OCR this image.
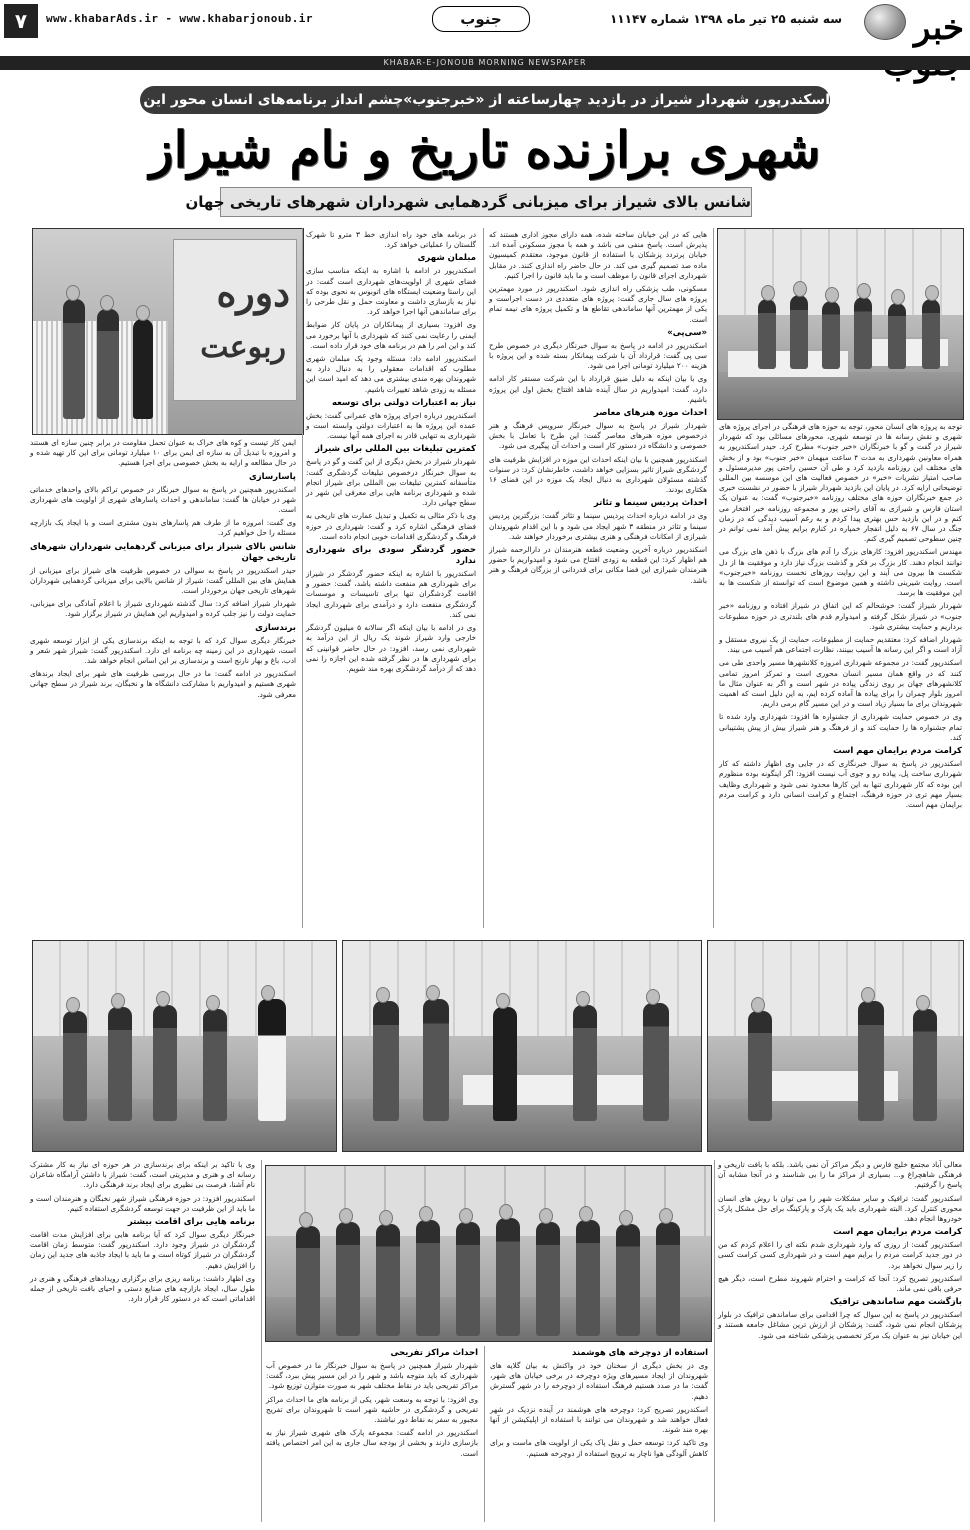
خبر
سه شنبه ۲۵ تیر ماه ۱۳۹۸ شماره ۱۱۱۴۷
جنوب
www.khabarAds.ir - www.khabarjonoub.ir
۷
KHABAR-E-JONOUB MORNING NEWSPAPER
اسکندرپور، شهردار شیراز در بازدید چهارساعته از «خبرجنوب»چشم انداز برنامه‌های انسان محور این شهر را تشریح کرد:
شهری برازنده تاریخ و نام شیراز
شانس بالای شیراز برای میزبانی گردهمایی شهرداران شهرهای تاریخی جهان
دوره
ربوعت

توجه به پروژه های انسان محور، توجه به حوزه های فرهنگی در اجرای پروژه های شهری و نقش رسانه ها در توسعه شهری، محورهای مسائلی بود که شهردار شیراز در گفت و گو با خبرنگاران «خبر جنوب» مطرح کرد. حیدر اسکندرپور به همراه معاونین شهرداری به مدت ۴ ساعت میهمان «خبر جنوب» بود و از بخش های مختلف این روزنامه بازدید کرد و طی آن حسین راحتی پور مدیرمسئول و صاحب امتیاز نشریات «خبر» در خصوص فعالیت های این موسسه بین المللی توضیحاتی ارایه کرد. در پایان این بازدید شهردار شیراز با حضور در نشست خبری در جمع خبرنگاران حوزه های مختلف روزنامه «خبرجنوب» گفت: به عنوان یک استان فارس و شیرازی به آقای راحتی پور و مجموعه روزنامه خبر افتخار می کنم و در این بازدید حس بهتری پیدا کردم و به رغم آسیب دیدگی که در زمان جنگ در سال ۶۷ به دلیل انفجار خمپاره در کنارم برایم پیش آمد نمی توانم در چنین سطوحی تصمیم گیری کنم.

مهندس اسکندرپور افزود: کارهای بزرگ را آدم های بزرگ با ذهن های بزرگ می توانند انجام دهند. کار بزرگ بر فکر و گذشت بزرگ نیاز دارد و موفقیت ها از دل شکست ها بیرون می آیند و این روایت روزهای نخست روزنامه «خبرجنوب» است. روایت شیرینی داشته و همین موضوع است که توانسته از شکست ها به این موفقیت ها برسد.

شهردار شیراز گفت: خوشحالم که این اتفاق در شیراز افتاده و روزنامه «خبر جنوب» در شیراز شکل گرفته و امیدوارم قدم های بلندتری در حوزه مطبوعات برداریم و حمایت بیشتری شود.

شهردار اضافه کرد: معتقدیم حمایت از مطبوعات، حمایت از یک نیروی مستقل و آزاد است و اگر این رسانه ها آسیب ببینند، نظارت اجتماعی هم آسیب می بیند.

اسکندرپور گفت: در مجموعه شهرداری امروزه کلانشهرها مسیر واحدی طی می کنند که در واقع همان مسیر انسان محوری است و تمرکز امروز تمامی کلانشهرهای جهان بر روی زندگی پیاده در شهر است و اگر به عنوان مثال ما امروز بلوار چمران را برای پیاده ها آماده کرده ایم، به این دلیل است که اهمیت شهروندان برای ما بسیار زیاد است و در این مسیر گام برمی داریم.

وی در خصوص حمایت شهرداری از جشنواره ها افزود: شهرداری وارد شده تا تمام جشنواره ها را حمایت کند و از فرهنگ و هنر شیراز بیش از پیش پشتیبانی کند.

کرامت مردم برایمان مهم است

اسکندرپور در پاسخ به سوال خبرنگاری که در جایی وی اظهار داشته که کار شهرداری ساخت پل، پیاده رو و جوی آب نیست افزود: اگر اینگونه بوده منظورم این بوده که کار شهرداری تنها به این کارها محدود نمی شود و شهرداری وظایف بسیار مهم تری در حوزه فرهنگ، اجتماع و کرامت انسانی دارد و کرامت مردم برایمان مهم است.

هایی که در این خیابان ساخته شده، همه دارای مجوز اداری هستند که پذیرش است. پاسخ منفی می باشد و همه با مجوز مسکونی آمده اند. خیابان پرتردد پزشکان با استفاده از قانون موجود، معتقدم کمیسیون ماده صد تصمیم گیری می کند. در حال حاضر راه اندازی کنند. در مقابل شهرداری اجرای قانون را موظف است و ما باید قانون را اجرا کنیم.

مسکونی، طب پزشکی راه اندازی شود. اسکندرپور در مورد مهمترین پروژه های سال جاری گفت: پروژه های متعددی در دست اجراست و یکی از مهمترین آنها ساماندهی تقاطع ها و تکمیل پروژه های نیمه تمام است.

«سی‌پی»

اسکندرپور در ادامه در پاسخ به سوال خبرنگار دیگری در خصوص طرح سی پی گفت: قرارداد آن با شرکت پیمانکار بسته شده و این پروژه با هزینه ۲۰۰ میلیارد تومانی اجرا می شود.

وی با بیان اینکه به دلیل ضیق قرارداد با این شرکت مستقر کار ادامه دارد، گفت: امیدواریم در سال آینده شاهد افتتاح بخش اول این پروژه باشیم.

احداث موزه هنرهای معاصر

شهردار شیراز در پاسخ به سوال خبرنگار سرویس فرهنگ و هنر درخصوص موزه هنرهای معاصر گفت: این طرح با تعامل با بخش خصوصی و دانشگاه در دستور کار است و احداث آن پیگیری می شود.

اسکندرپور همچنین با بیان اینکه احداث این موزه در افزایش ظرفیت های گردشگری شیراز تاثیر بسزایی خواهد داشت، خاطرنشان کرد: در سنوات گذشته مسئولان شهرداری به دنبال ایجاد یک موزه در این فضای ۱۶ هکتاری بودند.

احداث پردیس سینما و تئاتر

وی در ادامه درباره احداث پردیس سینما و تئاتر گفت: بزرگترین پردیس سینما و تئاتر در منطقه ۳ شهر ایجاد می شود و با این اقدام شهروندان شیرازی از امکانات فرهنگی و هنری بیشتری برخوردار خواهند شد.

اسکندرپور درباره آخرین وضعیت قطعه هنرمندان در دارالرحمه شیراز هم اظهار کرد: این قطعه به زودی افتتاح می شود و امیدواریم با حضور هنرمندان شیرازی این فضا مکانی برای قدردانی از بزرگان فرهنگ و هنر باشد.

در برنامه های خود راه اندازی خط ۳ مترو تا شهرک گلستان را عملیاتی خواهد کرد.

مبلمان شهری

اسکندرپور در ادامه با اشاره به اینکه مناسب سازی فضای شهری از اولویت‌های شهرداری است گفت: در این راستا وضعیت ایستگاه های اتوبوس به نحوی بوده که نیاز به بازسازی داشت و معاونت حمل و نقل طرحی را برای ساماندهی آنها اجرا خواهد کرد.

وی افزود: بسیاری از پیمانکاران در پایان کار ضوابط ایمنی را رعایت نمی کنند که شهرداری با آنها برخورد می کند و این امر را هم در برنامه های خود قرار داده است.

اسکندرپور ادامه داد: مسئله وجود یک مبلمان شهری مطلوب که اقدامات معقولی را به دنبال دارد به شهروندان بهره مندی بیشتری می دهد که امید است این مسئله به زودی شاهد تغییرات باشیم.

نیاز به اعتبارات دولتی برای توسعه

اسکندرپور درباره اجرای پروژه های عمرانی گفت: بخش عمده این پروژه ها به اعتبارات دولتی وابسته است و شهرداری به تنهایی قادر به اجرای همه آنها نیست.

کمترین تبلیغات بین المللی برای شیراز

شهردار شیراز در بخش دیگری از این گفت و گو در پاسخ به سوال خبرنگار درخصوص تبلیغات گردشگری گفت: متأسفانه کمترین تبلیغات بین المللی برای شیراز انجام شده و شهرداری برنامه هایی برای معرفی این شهر در سطح جهانی دارد.

وی با ذکر مثالی به تکمیل و تبدیل عمارت های تاریخی به فضای فرهنگی اشاره کرد و گفت: شهرداری در حوزه فرهنگ و گردشگری اقدامات خوبی انجام داده است.

حضور گردشگر سودی برای شهرداری ندارد

اسکندرپور با اشاره به اینکه حضور گردشگر در شیراز برای شهرداری هم منفعت داشته باشد، گفت: حضور و اقامت گردشگران تنها برای تاسیسات و موسسات گردشگری منفعت دارد و درآمدی برای شهرداری ایجاد نمی کند.

وی در ادامه با بیان اینکه اگر سالانه ۵ میلیون گردشگر خارجی وارد شیراز شوند یک ریال از این درآمد به شهرداری نمی رسد، افزود: در حال حاضر قوانینی که برای شهرداری ها در نظر گرفته شده این اجازه را نمی دهد که از درآمد گردشگری بهره مند شویم.

ایمن کار تیست و کوه های خراک به عنوان تحمل مقاومت در برابر چنین سازه ای هستند و امروزه با تبدیل آن به سازه ای ایمن برای ۱۰ میلیارد تومانی برای این کار تهیه شده و در حال مطالعه و ارایه به بخش خصوصی برای اجرا هستیم.

پاسارسازی

اسکندرپور همچنین در پاسخ به سوال خبرنگار در خصوص تراکم بالای واحدهای خدماتی شهر در خیابان ها گفت: ساماندهی و احداث پاسارهای شهری از اولویت های شهرداری است.

وی گفت: امروزه ما از طرف هم پاسارهای بدون مشتری است و با ایجاد یک بازارچه مسئله را حل خواهیم کرد.

شانس بالای شیراز برای میزبانی گردهمایی شهرداران شهرهای تاریخی جهان

حیدر اسکندرپور در پاسخ به سوالی در خصوص ظرفیت های شیراز برای میزبانی از همایش های بین المللی گفت: شیراز از شانس بالایی برای میزبانی گردهمایی شهرداران شهرهای تاریخی جهان برخوردار است.

شهردار شیراز اضافه کرد: سال گذشته شهرداری شیراز با اعلام آمادگی برای میزبانی، حمایت دولت را نیز جلب کرده و امیدواریم این همایش در شیراز برگزار شود.

برندسازی

خبرنگار دیگری سوال کرد که با توجه به اینکه برندسازی یکی از ابزار توسعه شهری است، شهرداری در این زمینه چه برنامه ای دارد. اسکندرپور گفت: شیراز شهر شعر و ادب، باغ و بهار نارنج است و برندسازی بر این اساس انجام خواهد شد.

اسکندرپور در ادامه گفت: ما در حال بررسی ظرفیت های شهر برای ایجاد برندهای شهری هستیم و امیدواریم با مشارکت دانشگاه ها و نخبگان، برند شیراز در سطح جهانی معرفی شود.

معالی آباد مجتمع خلیج فارس و دیگر مراکز آن نمی باشد. بلکه با بافت تاریخی و فرهنگی شاهچراغ و... بسیاری از مراکز ما را بی شناسند و در آنجا مشابه آن پاسخ را گرفتیم.

اسکندرپور گفت: ترافیک و سایر مشکلات شهر را می توان با روش های انسان محوری کنترل کرد. البته شهرداری باید یک پارک و پارکینگ برای حل مشکل پارک خودروها انجام دهد.

کرامت مردم برایمان مهم است

اسکندرپور گفت: از روزی که وارد شهرداری شدم نکته ای را اعلام کردم که من در دور جدید کرامت مردم را برایم مهم است و در شهرداری کسی کرامت کسی را زیر سوال نخواهد برد.

اسکندرپور تصریح کرد: آنجا که کرامت و احترام شهروند مطرح است، دیگر هیچ حرفی باقی نمی ماند.

بازگشت مهم ساماندهی ترافیک

اسکندرپور در پاسخ به این سوال که چرا اقدامی برای ساماندهی ترافیک در بلوار پزشکان انجام نمی شود، گفت: پزشکان از ارزش ترین مشاغل جامعه هستند و این خیابان نیز به عنوان یک مرکز تخصصی پزشکی شناخته می شود.

استفاده از دوچرخه های هوشمند

وی در بخش دیگری از سخنان خود در واکنش به بیان گلایه های شهروندان از ایجاد مسیرهای ویژه دوچرخه در برخی خیابان های شهر، گفت: ما در صدد هستیم فرهنگ استفاده از دوچرخه را در شهر گسترش دهیم.

اسکندرپور تصریح کرد: دوچرخه های هوشمند در آینده نزدیک در شهر فعال خواهند شد و شهروندان می توانند با استفاده از اپلیکیشن از آنها بهره مند شوند.

وی تاکید کرد: توسعه حمل و نقل پاک یکی از اولویت های ماست و برای کاهش آلودگی هوا ناچار به ترویج استفاده از دوچرخه هستیم.

احداث مراکز تفریحی

شهردار شیراز همچنین در پاسخ به سوال خبرنگار ما در خصوص آب شهرداری که باید متوجه باشد و شهر را در این مسیر پیش ببرد، گفت: مراکز تفریحی باید در نقاط مختلف شهر به صورت متوازن توزیع شود.

وی افزود: با توجه به وسعت شهر، یکی از برنامه های ما احداث مراکز تفریحی و گردشگری در حاشیه شهر است تا شهروندان برای تفریح مجبور به سفر به نقاط دور نباشند.

اسکندرپور در ادامه گفت: مجموعه پارک های شهری شیراز نیاز به بازسازی دارند و بخشی از بودجه سال جاری به این امر اختصاص یافته است.

وی با تاکید بر اینکه برای برندسازی در هر حوزه ای نیاز به کار مشترک رسانه ای و هنری و مدیریتی است، گفت: شیراز با داشتن آرامگاه شاعران نام آشنا، فرصت بی نظیری برای ایجاد برند فرهنگی دارد.

اسکندرپور افزود: در حوزه فرهنگی شیراز شهر نخبگان و هنرمندان است و ما باید از این ظرفیت در جهت توسعه گردشگری استفاده کنیم.

برنامه هایی برای اقامت بیشتر

خبرنگار دیگری سوال کرد که آیا برنامه هایی برای افزایش مدت اقامت گردشگران در شیراز وجود دارد. اسکندرپور گفت: متوسط زمان اقامت گردشگران در شیراز کوتاه است و ما باید با ایجاد جاذبه های جدید این زمان را افزایش دهیم.

وی اظهار داشت: برنامه ریزی برای برگزاری رویدادهای فرهنگی و هنری در طول سال، ایجاد بازارچه های صنایع دستی و احیای بافت تاریخی از جمله اقداماتی است که در دستور کار قرار دارد.
